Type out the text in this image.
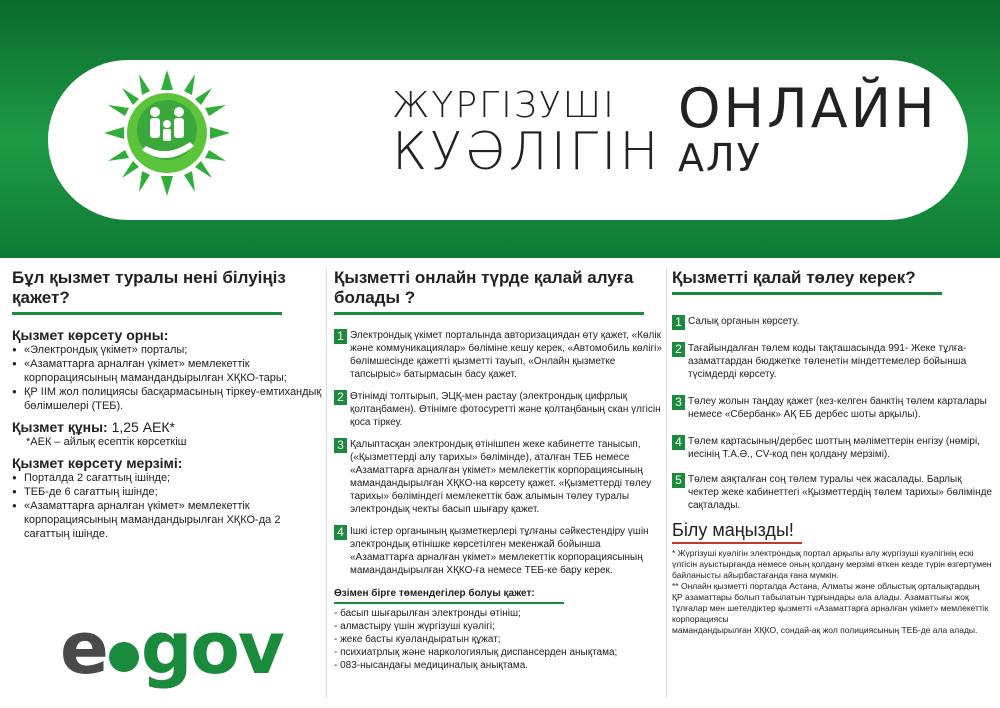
ЖҮРГІЗУШІ
КУӘЛІГІН
ОНЛАЙН
АЛУ
Бұл қызмет туралы нені білуіңіз қажет?

Қызмет көрсету орны:

● «Электрондық үкімет» порталы;

● «Азаматтарға арналған үкімет» мемлекеттік корпорациясының мамандандырылған ХҚКО-тары;

● ҚР ІІМ жол полициясы басқармасының тіркеу-емтихандық бөлімшелері (ТЕБ).

Қызмет құны: 1,25 АЕК*

*АЕК – айлық есептік көрсеткіш

Қызмет көрсету мерзімі:

● Порталда 2 сағаттың ішінде;

● ТЕБ-де 6 сағаттың ішінде;

● «Азаматтарға арналған үкімет» мемлекеттік корпорациясының мамандандырылған ХҚКО-да 2 сағаттың ішінде.

e gov
Қызметті онлайн түрде қалай алуға болады ?
1 Электрондық үкімет порталында авторизациядан өту қажет, «Көлік және коммуникациялар» бөліміне кешу керек, «Автомобиль көлігі» бөлімшесінде қажетті қызметті тауып, «Онлайн қызметке тапсырыс» батырмасын басу қажет.
2 Өтінімді толтырып, ЭЦҚ-мен растау (электрондық цифрлық қолтаңбамен). Өтінімге фотосуретті және қолтаңбаның скан үлгісін қоса тіркеу.
3 Қалыптасқан электрондық өтінішпен жеке кабинетте танысып, («Қызметтерді алу тарихы» бөлімінде), аталған ТЕБ немесе «Азаматтарға арналған үкімет» мемлекеттік корпорациясының мамандандырылған ХҚКО-на көрсету қажет. «Қызметтерді төлеу тарихы» бөліміндегі мемлекеттік баж алымын төлеу туралы электрондық чекты басып шығару қажет.
4 Ішкі істер органының қызметкерлері тұлғаны сәйкестендіру үшін электрондық өтінішке көрсетілген мекенжай бойынша «Азаматтарға арналған үкімет» мемлекеттік корпорациясының мамандандырылған ХҚКО-ға немесе ТЕБ-ке бару керек.

Өзімен бірге төмендегілер болуы қажет:

- басып шығарылған электронды өтініш;

- алмастыру үшін жүргізуші куәлігі;

- жеке басты куәландыратын құжат;

- психиатрлық және наркологиялық диспансерден анықтама;

- 083-нысандағы медициналық анықтама.

Қызметті қалай төлеу керек?
1 Салық органын көрсету.
2 Тағайындалған төлем коды тақташасында 991- Жеке тұлға-азаматтардан бюджетке төленетін міндеттемелер бойынша түсімдерді көрсету.
3 Төлеу жолын таңдау қажет (кез-келген банктің төлем карталары немесе «Сбербанк» АҚ ЕБ дербес шоты арқылы).
4 Төлем картасының/дербес шоттың мәліметтерін енгізу (нөмірі, иесінің Т.А.Ә., CV-код пен қолдану мерзімі).
5 Төлем аяқталған соң төлем туралы чек жасалады. Барлық чектер жеке кабинеттегі «Қызметтердің төлем тарихы» бөлімінде сақталады.
Білу маңызды!

* Жүргізуші куәлігін электрондық портал арқылы алу жүргізуші куәлігінің ескі үлгісін ауыстырғанда немесе оның қолдану мерзімі өткен кезде түрін өзгертумен байланысты айырбастағанда ғана мүмкін.

** Онлайн қызметті порталда Астана, Алматы және облыстық орталықтардың ҚР азаматтары болып табылатын тұрғындары ала алады. Азаматтығы жоқ тұлғалар мен шетелдіктер қызметті «Азаматтарға арналған үкімет» мемлекеттік корпорациясы

мамандандырылған ХҚКО, сондай-ақ жол полициясының ТЕБ-де ала алады.
